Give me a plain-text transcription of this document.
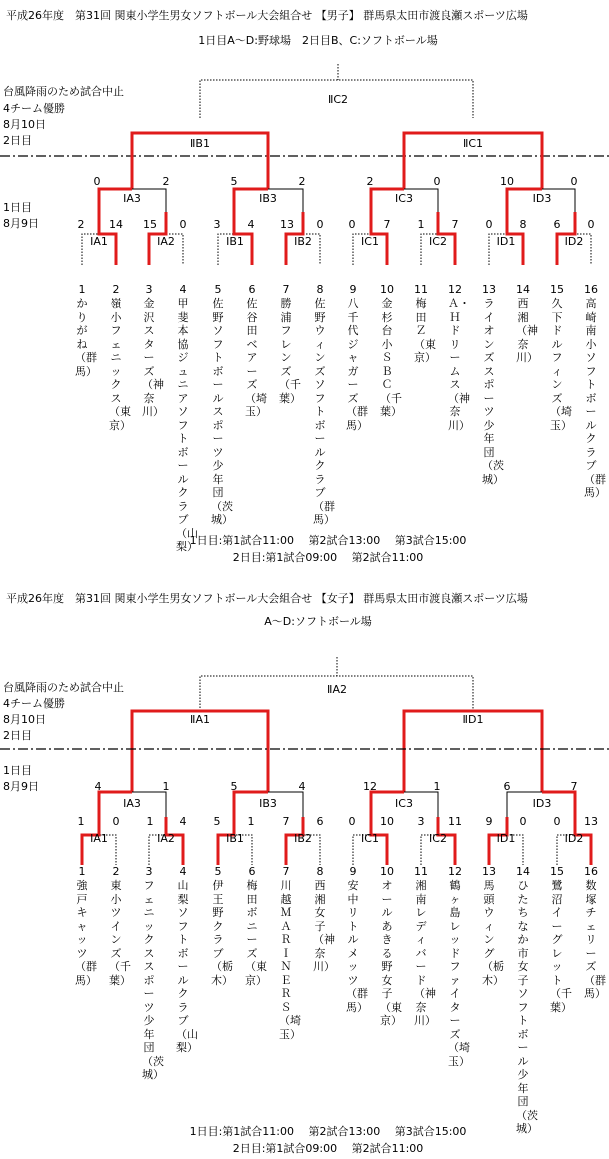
平成26年度　第31回 関東小学生男女ソフトボール大会組合せ 【男子】 群馬県太田市渡良瀬スポーツ広場
1日目A～D:野球場　2日目B、C:ソフトボール場
台風降雨のため試合中止
4チーム優勝
8月10日
2日目
1日目
8月9日
ⅡC2
ⅡB1	ⅡC1
ⅠA3	ⅠB3	ⅠC3	ⅠD3
ⅠA1	ⅠA2	ⅠB1	ⅠB2	ⅠC1	ⅠC2	ⅠD1	ⅠD2
0	2	5	2	2	0	10	0
2 14 15 0 3 4 13 0 0	7 1 7 0 8 6 0
1 2 3 4	5 6 7 8 9 10 11 12 13 14 15 16
かりがね（群馬）
嶺小フェニックス（東京）
金沢スターズ（神奈川）
甲斐本協ジュニアソフトボールクラブ（山梨）
佐野ソフトボールスポーツ少年団（茨城）
佐谷田ベアーズ（埼玉）
勝浦フレンズ（千葉）
佐野ウィンズソフトボールクラブ（群馬）
八千代ジャガーズ（群馬）
金杉台小ＳＢＣ（千葉）
梅田Ｚ（東京）
Ａ・Ｈドリームス（神奈川）
ライオンズスポーツ少年団（茨城）
西湘（神奈川）
久下ドルフィンズ（埼玉）
高崎南小ソフトボールクラブ（群馬）
1日目:第1試合11:00　 第2試合13:00　 第3試合15:00
2日目:第1試合09:00　 第2試合11:00
平成26年度　第31回 関東小学生男女ソフトボール大会組合せ 【女子】 群馬県太田市渡良瀬スポーツ広場
A～D:ソフトボール場
台風降雨のため試合中止
4チーム優勝
8月10日
2日目
1日目
8月9日
ⅡA2
ⅡA1	ⅡD1
ⅠA3	ⅠB3	ⅠC3	ⅠD3
ⅠA1	ⅠA2	ⅠB1	ⅠB2	ⅠC1	ⅠC2	ⅠD1	ⅠD2
4	1	5	4	12	1	6	7
1	0 1 4 5 1	7 6 0 10 3 11 9 0 0 13
1 2 3 4	5 6 7 8 9 10 11 12 13 14 15 16
強戸キャッツ（群馬）
東小ツインズ（千葉）
フェニックススポーツ少年団（茨城）
山梨ソフトボールクラブ（山梨）
伊王野クラブ（栃木）
梅田ボニーズ（東京）
川越ＭＡＲＩＮＥＲＳ（埼玉）
西湘女子（神奈川）
安中リトルメッツ（群馬）
オールあきる野女子（東京）
湘南レディバード（神奈川）
鶴ヶ島レッドファイターズ（埼玉）
馬頭ウィング（栃木）
ひたちなか市女子ソフトボール少年団（茨城）
鷺沼イーグレット（千葉）
数塚チェリーズ（群馬）
1日目:第1試合11:00　 第2試合13:00　 第3試合15:00
2日目:第1試合09:00　 第2試合11:00
